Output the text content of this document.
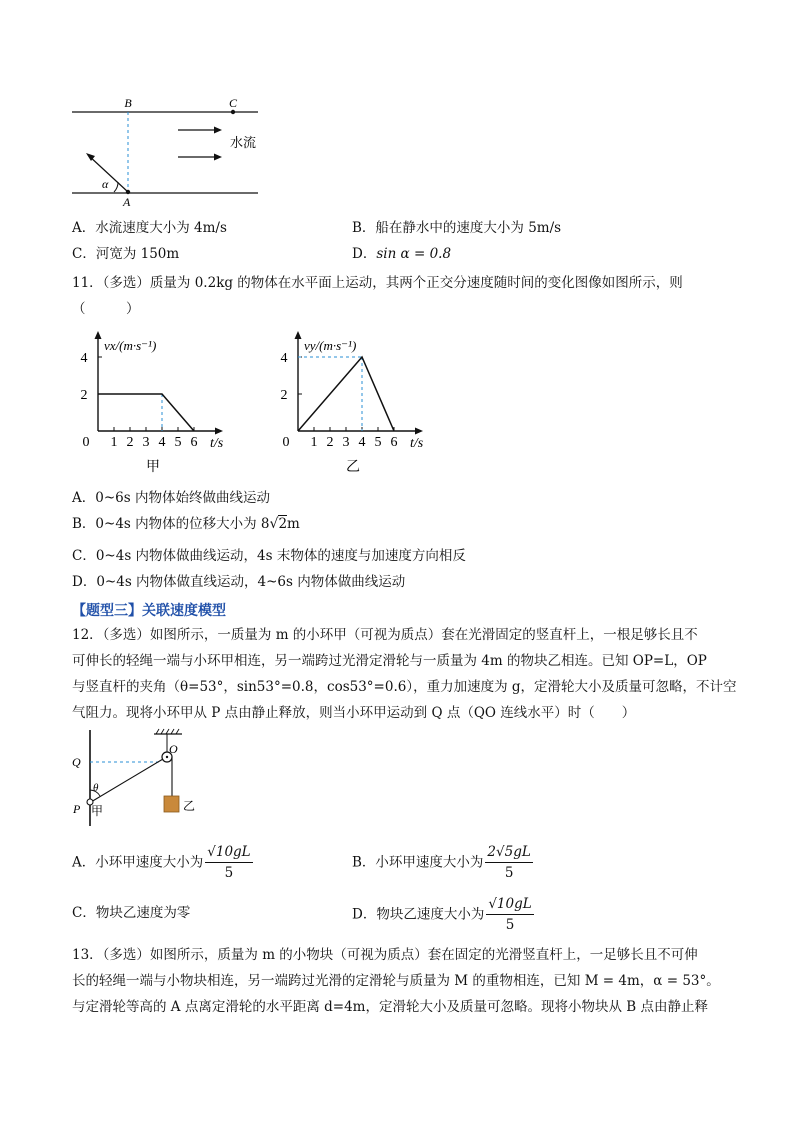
B	C
A
α
水流
A．水流速度大小为 4m/s	B．船在静水中的速度大小为 5m/s
C．河宽为 150m	D．sin α = 0.8
11．（多选）质量为 0.2kg 的物体在水平面上运动，其两个正交分速度随时间的变化图像如图所示，则
（　　　）
0 1 2 3 4 5 6
2
4
vx/(m·s⁻¹)
t/s
甲
0 1 2 3 4 5 6
2
4
vy/(m·s⁻¹)
t/s
乙
A．0~6s 内物体始终做曲线运动
B．0~4s 内物体的位移大小为 8√2m
C．0~4s 内物体做曲线运动，4s 末物体的速度与加速度方向相反
D．0~4s 内物体做直线运动，4~6s 内物体做曲线运动
【题型三】关联速度模型
12．（多选）如图所示，一质量为 m 的小环甲（可视为质点）套在光滑固定的竖直杆上，一根足够长且不
可伸长的轻绳一端与小环甲相连，另一端跨过光滑定滑轮与一质量为 4m 的物块乙相连。已知 OP=L，OP
与竖直杆的夹角（θ=53°，sin53°=0.8，cos53°=0.6），重力加速度为 g，定滑轮大小及质量可忽略，不计空
气阻力。现将小环甲从 P 点由静止释放，则当小环甲运动到 Q 点（QO 连线水平）时（　　）
Q
O
P
θ
甲	乙
A．小环甲速度大小为 $\frac{√10gL}{5}$	B．小环甲速度大小为 $\frac{2√5gL}{5}$
C．物块乙速度为零	D．物块乙速度大小为 $\frac{√10gL}{5}$
13．（多选）如图所示，质量为 m 的小物块（可视为质点）套在固定的光滑竖直杆上，一足够长且不可伸
长的轻绳一端与小物块相连，另一端跨过光滑的定滑轮与质量为 M 的重物相连，已知 M = 4m，α = 53°。
与定滑轮等高的 A 点离定滑轮的水平距离 d=4m，定滑轮大小及质量可忽略。现将小物块从 B 点由静止释
